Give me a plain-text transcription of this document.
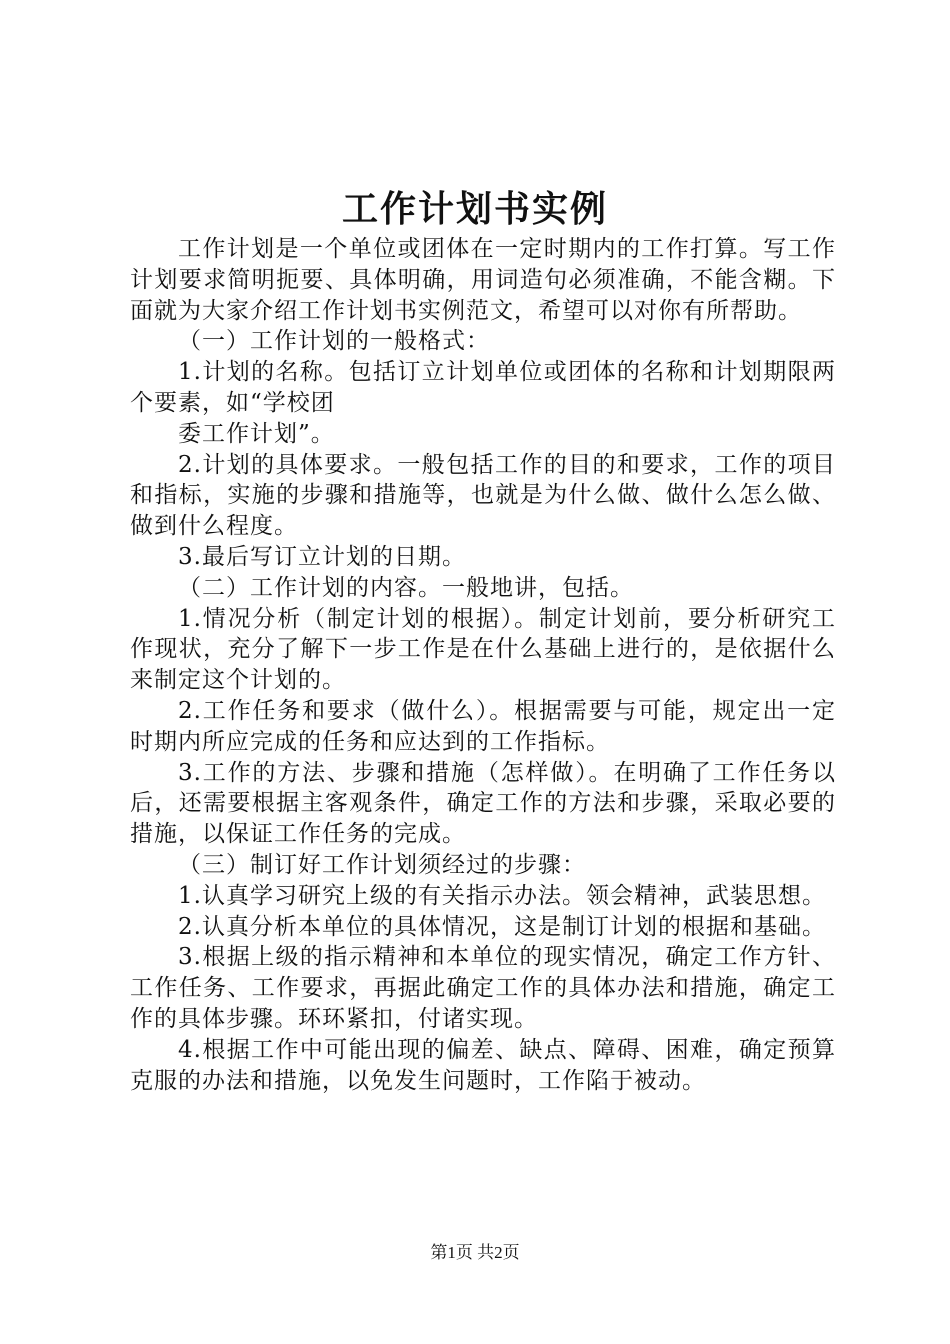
工作计划书实例

工作计划是一个单位或团体在一定时期内的工作打算。写工作计划要求简明扼要、具体明确，用词造句必须准确，不能含糊。下面就为大家介绍工作计划书实例范文，希望可以对你有所帮助。

（一）工作计划的一般格式：

1.计划的名称。包括订立计划单位或团体的名称和计划期限两个要素，如“学校团

委工作计划”。

2.计划的具体要求。一般包括工作的目的和要求，工作的项目和指标，实施的步骤和措施等，也就是为什么做、做什么怎么做、做到什么程度。

3.最后写订立计划的日期。

（二）工作计划的内容。一般地讲，包括。

1.情况分析（制定计划的根据）。制定计划前，要分析研究工作现状，充分了解下一步工作是在什么基础上进行的，是依据什么来制定这个计划的。

2.工作任务和要求（做什么）。根据需要与可能，规定出一定时期内所应完成的任务和应达到的工作指标。

3.工作的方法、步骤和措施（怎样做）。在明确了工作任务以后，还需要根据主客观条件，确定工作的方法和步骤，采取必要的措施，以保证工作任务的完成。

（三）制订好工作计划须经过的步骤：

1.认真学习研究上级的有关指示办法。领会精神，武装思想。

2.认真分析本单位的具体情况，这是制订计划的根据和基础。

3.根据上级的指示精神和本单位的现实情况，确定工作方针、工作任务、工作要求，再据此确定工作的具体办法和措施，确定工作的具体步骤。环环紧扣，付诸实现。

4.根据工作中可能出现的偏差、缺点、障碍、困难，确定预算克服的办法和措施，以免发生问题时，工作陷于被动。

第1页 共2页
